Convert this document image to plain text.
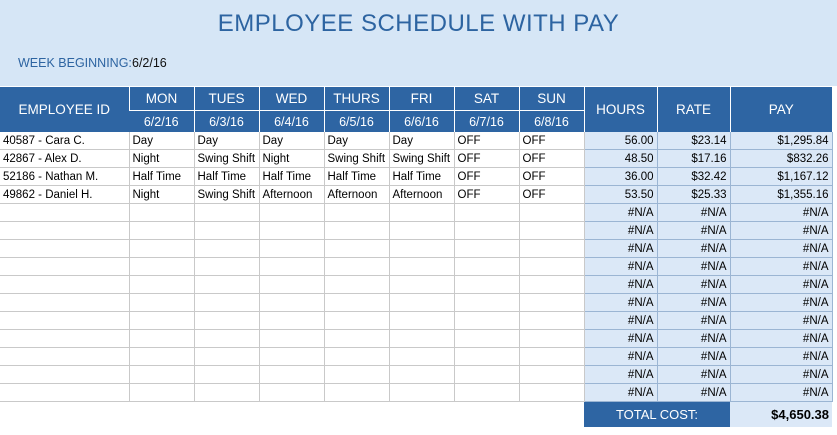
EMPLOYEE SCHEDULE WITH PAY
WEEK BEGINNING: 6/2/16
EMPLOYEE ID	MON	TUES	WED	THURS	FRI	SAT	SUN	HOURS	RATE	PAY
	6/2/16	6/3/16	6/4/16	6/5/16	6/6/16	6/7/16	6/8/16			
40587 - Cara C.	Day	Day	Day	Day	Day	OFF	OFF	56.00	$23.14	$1,295.84
42867 - Alex D.	Night	Swing Shift	Night	Swing Shift	Swing Shift	OFF	OFF	48.50	$17.16	$832.26
52186 - Nathan M.	Half Time	Half Time	Half Time	Half Time	Half Time	OFF	OFF	36.00	$32.42	$1,167.12
49862 - Daniel H.	Night	Swing Shift	Afternoon	Afternoon	Afternoon	OFF	OFF	53.50	$25.33	$1,355.16
								#N/A	#N/A	#N/A
								#N/A	#N/A	#N/A
								#N/A	#N/A	#N/A
								#N/A	#N/A	#N/A
								#N/A	#N/A	#N/A
								#N/A	#N/A	#N/A
								#N/A	#N/A	#N/A
								#N/A	#N/A	#N/A
								#N/A	#N/A	#N/A
								#N/A	#N/A	#N/A
								#N/A	#N/A	#N/A
								TOTAL COST:		$4,650.38
